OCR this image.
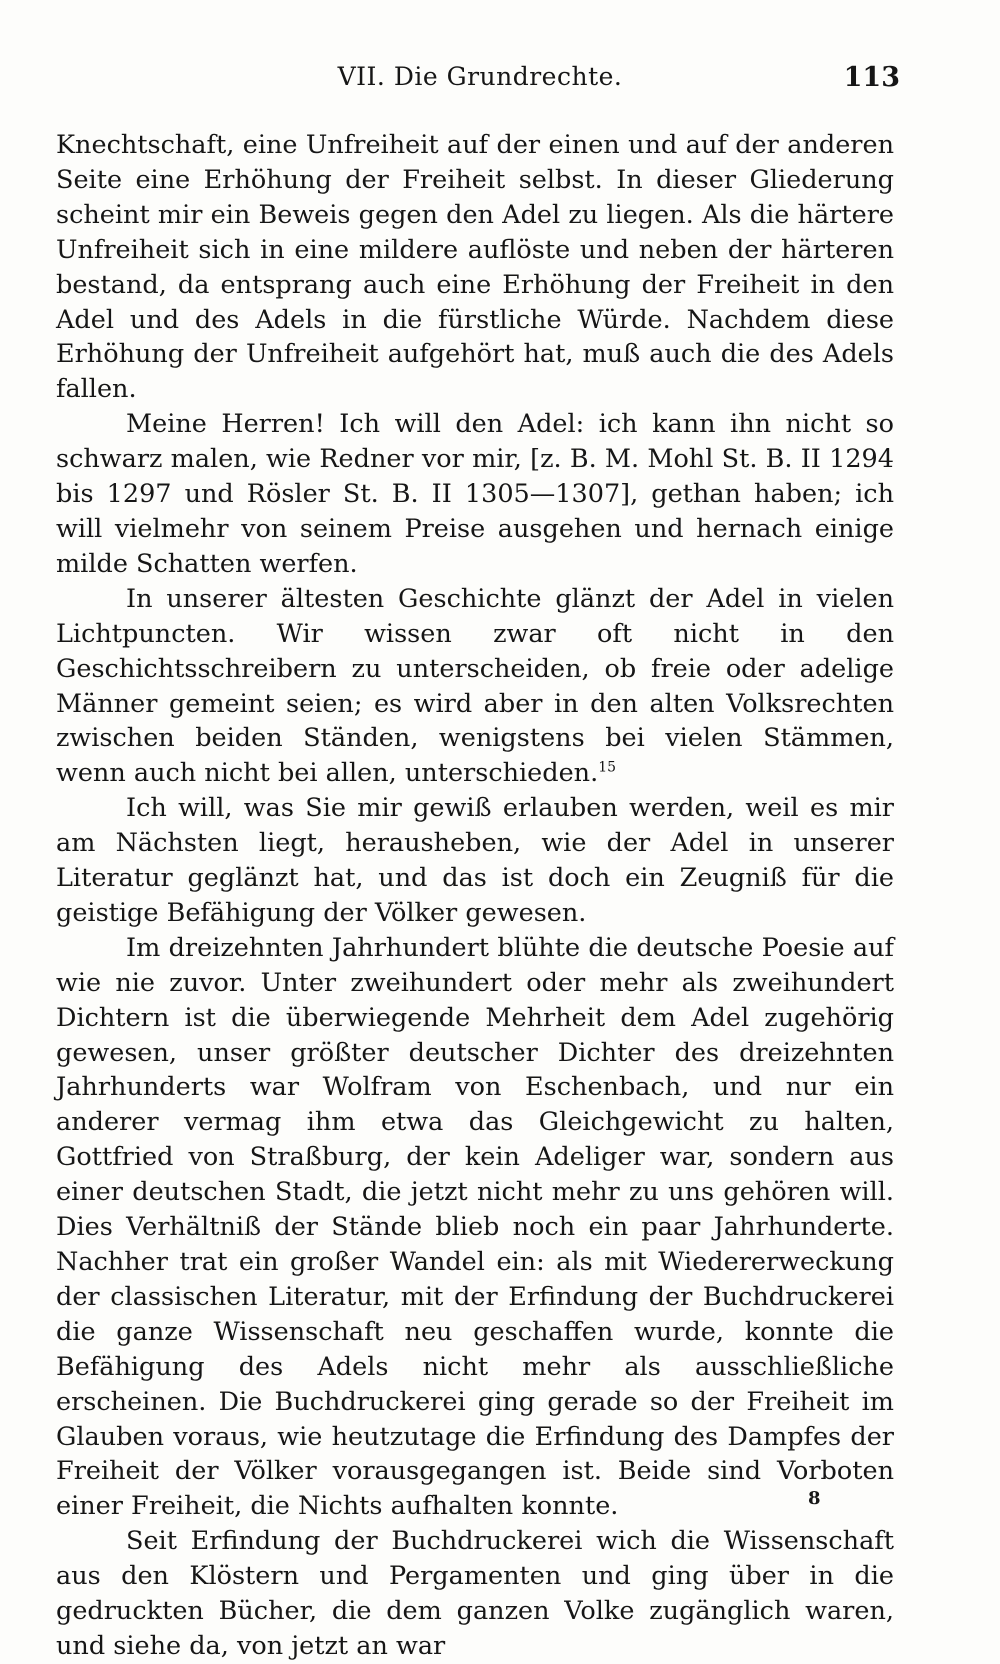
VII. Die Grundrechte.	113

Knechtschaft, eine Unfreiheit auf der einen und auf der anderen Seite eine Erhöhung der Freiheit selbst. In dieser Gliederung scheint mir ein Beweis gegen den Adel zu liegen. Als die härtere Unfreiheit sich in eine mildere auflöste und neben der härteren bestand, da entsprang auch eine Erhöhung der Freiheit in den Adel und des Adels in die fürstliche Würde. Nachdem diese Erhöhung der Unfreiheit aufgehört hat, muß auch die des Adels fallen.

Meine Herren! Ich will den Adel: ich kann ihn nicht so schwarz malen, wie Redner vor mir, [z. B. M. Mohl St. B. II 1294 bis 1297 und Rösler St. B. II 1305—1307], gethan haben; ich will vielmehr von seinem Preise ausgehen und hernach einige milde Schatten werfen.

In unserer ältesten Geschichte glänzt der Adel in vielen Lichtpuncten. Wir wissen zwar oft nicht in den Geschichtsschreibern zu unterscheiden, ob freie oder adelige Männer gemeint seien; es wird aber in den alten Volksrechten zwischen beiden Ständen, wenigstens bei vielen Stämmen, wenn auch nicht bei allen, unterschieden.$^{15}$

Ich will, was Sie mir gewiß erlauben werden, weil es mir am Nächsten liegt, herausheben, wie der Adel in unserer Literatur geglänzt hat, und das ist doch ein Zeugniß für die geistige Befähigung der Völker gewesen.

Im dreizehnten Jahrhundert blühte die deutsche Poesie auf wie nie zuvor. Unter zweihundert oder mehr als zweihundert Dichtern ist die überwiegende Mehrheit dem Adel zugehörig gewesen, unser größter deutscher Dichter des dreizehnten Jahrhunderts war Wolfram von Eschenbach, und nur ein anderer vermag ihm etwa das Gleichgewicht zu halten, Gottfried von Straßburg, der kein Adeliger war, sondern aus einer deutschen Stadt, die jetzt nicht mehr zu uns gehören will. Dies Verhältniß der Stände blieb noch ein paar Jahrhunderte. Nachher trat ein großer Wandel ein: als mit Wiedererweckung der classischen Literatur, mit der Erfindung der Buchdruckerei die ganze Wissenschaft neu geschaffen wurde, konnte die Befähigung des Adels nicht mehr als ausschließliche erscheinen. Die Buchdruckerei ging gerade so der Freiheit im Glauben voraus, wie heutzutage die Erfindung des Dampfes der Freiheit der Völker vorausgegangen ist. Beide sind Vorboten einer Freiheit, die Nichts aufhalten konnte.

Seit Erfindung der Buchdruckerei wich die Wissenschaft aus den Klöstern und Pergamenten und ging über in die gedruckten Bücher, die dem ganzen Volke zugänglich waren, und siehe da, von jetzt an war

8
